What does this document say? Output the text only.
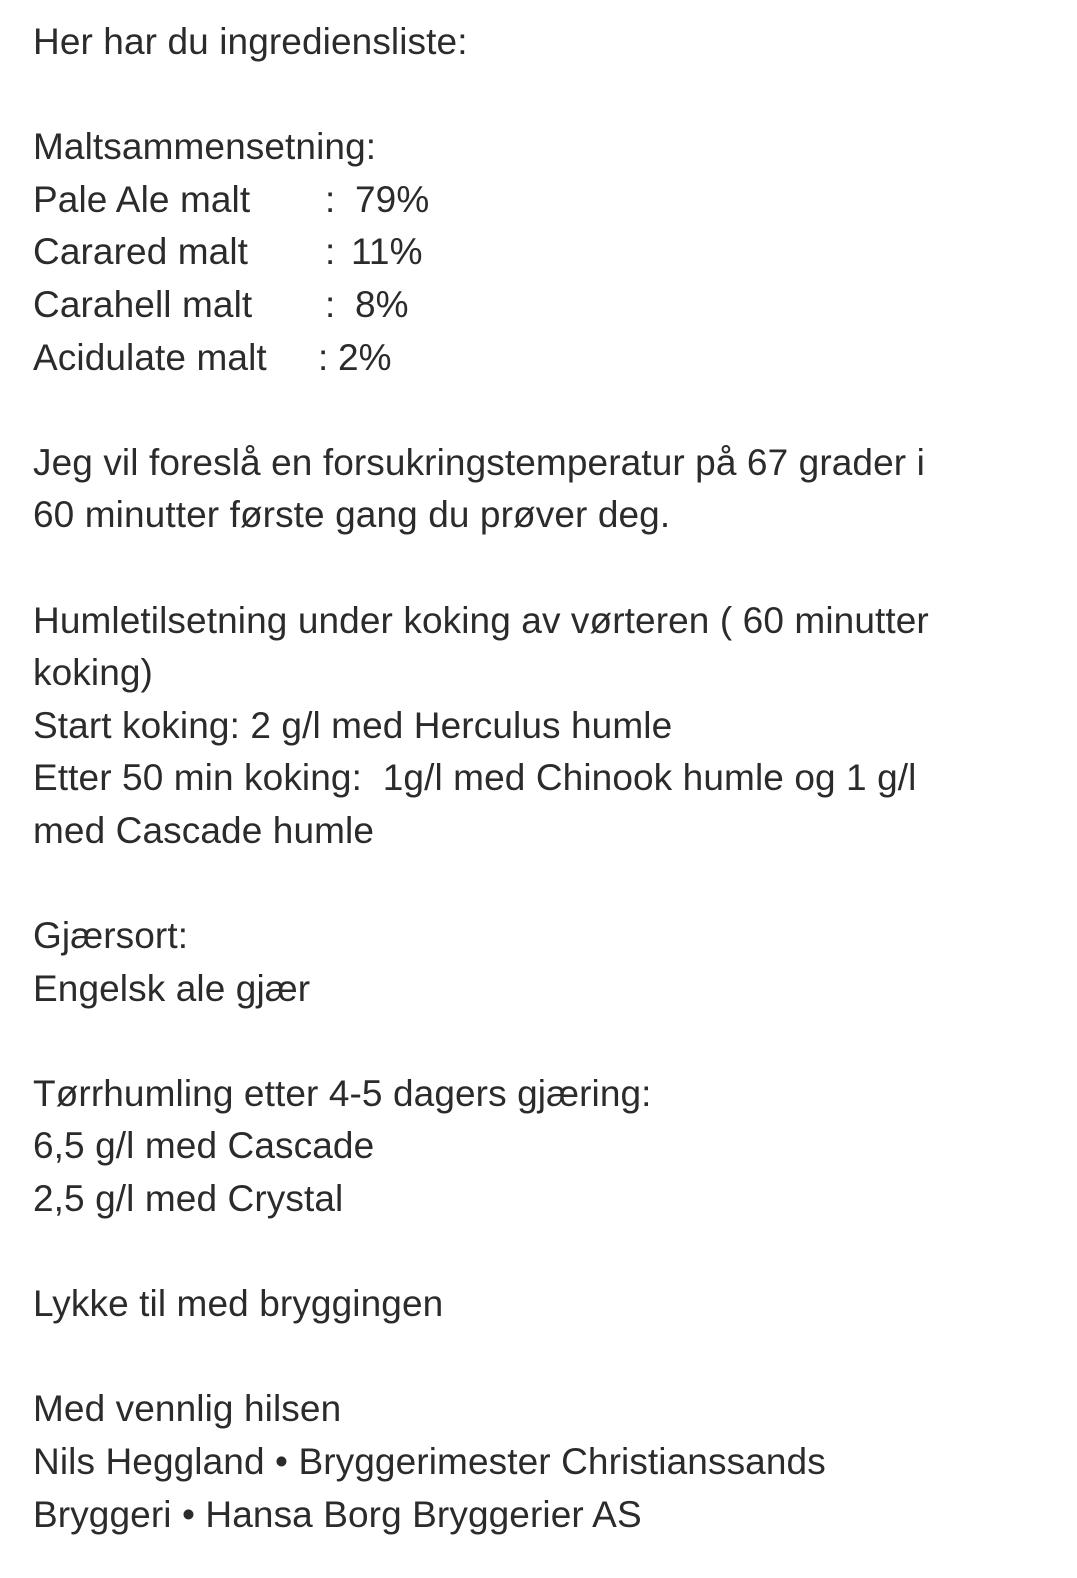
Her har du ingrediensliste:
Maltsammensetning:
Pale Ale malt	: 79%
Carared malt	: 11%
Carahell malt	: 8%
Acidulate malt	: 2%
Jeg vil foreslå en forsukringstemperatur på 67 grader i
60 minutter første gang du prøver deg.
Humletilsetning under koking av vørteren ( 60 minutter
koking)
Start koking: 2 g/l med Herculus humle
Etter 50 min koking:  1g/l med Chinook humle og 1 g/l
med Cascade humle
Gjærsort:
Engelsk ale gjær
Tørrhumling etter 4-5 dagers gjæring:
6,5 g/l med Cascade
2,5 g/l med Crystal
Lykke til med bryggingen
Med vennlig hilsen
Nils Heggland • Bryggerimester Christianssands
Bryggeri • Hansa Borg Bryggerier AS
